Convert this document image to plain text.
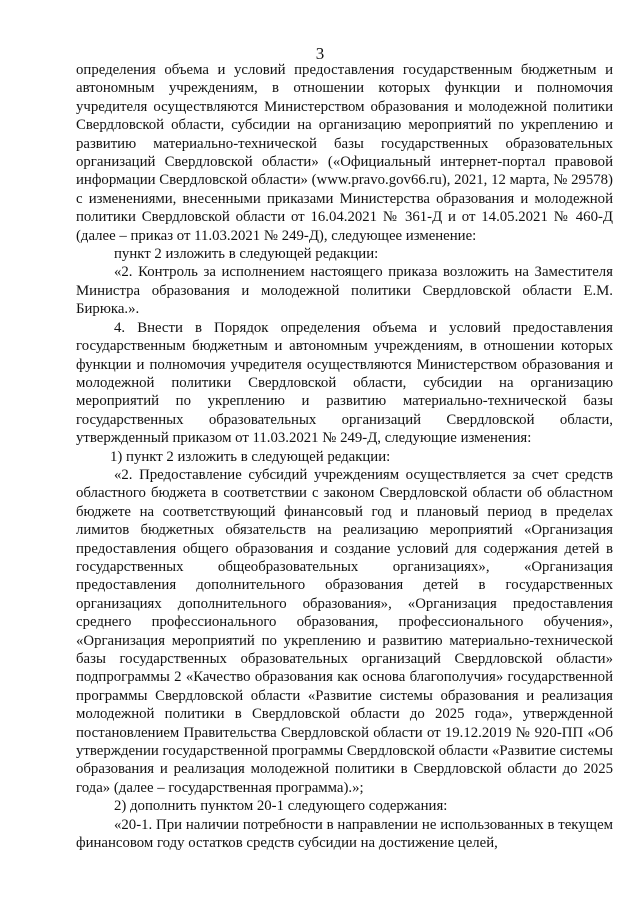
3

определения объема и условий предоставления государственным бюджетным и автономным учреждениям, в отношении которых функции и полномочия учредителя осуществляются Министерством образования и молодежной политики Свердловской области, субсидии на организацию мероприятий по укреплению и развитию материально-технической базы государственных образовательных организаций Свердловской области» («Официальный интернет-портал правовой информации Свердловской области» (www.pravo.gov66.ru), 2021, 12 марта, № 29578) с изменениями, внесенными приказами Министерства образования и молодежной политики Свердловской области от 16.04.2021 № 361-Д и от 14.05.2021 № 460-Д (далее – приказ от 11.03.2021 № 249-Д), следующее изменение:

пункт 2 изложить в следующей редакции:

«2. Контроль за исполнением настоящего приказа возложить на Заместителя Министра образования и молодежной политики Свердловской области Е.М. Бирюка.».

4. Внести в Порядок определения объема и условий предоставления государственным бюджетным и автономным учреждениям, в отношении которых функции и полномочия учредителя осуществляются Министерством образования и молодежной политики Свердловской области, субсидии на организацию мероприятий по укреплению и развитию материально-технической базы государственных образовательных организаций Свердловской области, утвержденный приказом от 11.03.2021 № 249-Д, следующие изменения:

1) пункт 2 изложить в следующей редакции:

«2. Предоставление субсидий учреждениям осуществляется за счет средств областного бюджета в соответствии с законом Свердловской области об областном бюджете на соответствующий финансовый год и плановый период в пределах лимитов бюджетных обязательств на реализацию мероприятий «Организация предоставления общего образования и создание условий для содержания детей в государственных общеобразовательных организациях», «Организация предоставления дополнительного образования детей в государственных организациях дополнительного образования», «Организация предоставления среднего профессионального образования, профессионального обучения», «Организация мероприятий по укреплению и развитию материально-технической базы государственных образовательных организаций Свердловской области» подпрограммы 2 «Качество образования как основа благополучия» государственной программы Свердловской области «Развитие системы образования и реализация молодежной политики в Свердловской области до 2025 года», утвержденной постановлением Правительства Свердловской области от 19.12.2019 № 920-ПП «Об утверждении государственной программы Свердловской области «Развитие системы образования и реализация молодежной политики в Свердловской области до 2025 года» (далее – государственная программа).»;

2) дополнить пунктом 20-1 следующего содержания:

«20-1. При наличии потребности в направлении не использованных в текущем финансовом году остатков средств субсидии на достижение целей,
